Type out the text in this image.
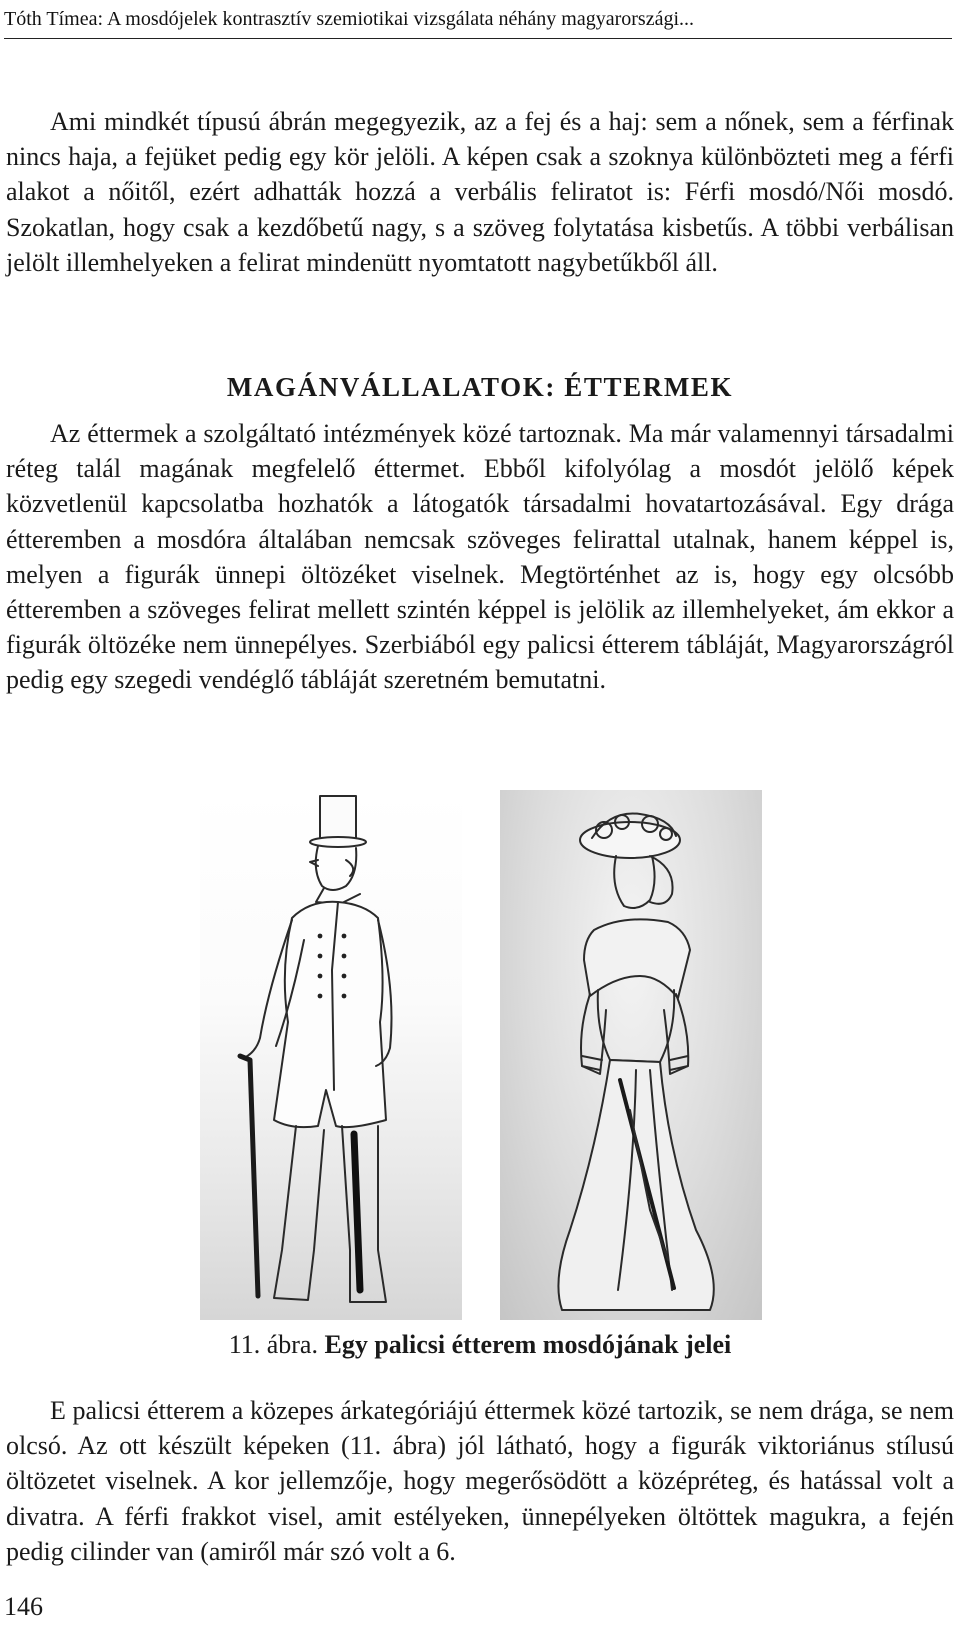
Tóth Tímea: A mosdójelek kontrasztív szemiotikai vizsgálata néhány magyarországi...

Ami mindkét típusú ábrán megegyezik, az a fej és a haj: sem a nőnek, sem a férfinak nincs haja, a fejüket pedig egy kör jelöli. A képen csak a szoknya különbözteti meg a férfi alakot a nőitől, ezért adhatták hozzá a verbális feliratot is: Férfi mosdó/Női mosdó. Szokatlan, hogy csak a kezdőbetű nagy, s a szöveg folytatása kisbetűs. A többi verbálisan jelölt illemhelyeken a felirat mindenütt nyomtatott nagybetűkből áll.

MAGÁNVÁLLALATOK: ÉTTERMEK

Az éttermek a szolgáltató intézmények közé tartoznak. Ma már valamennyi társadalmi réteg talál magának megfelelő éttermet. Ebből kifolyólag a mosdót jelölő képek közvetlenül kapcsolatba hozhatók a látogatók társadalmi hovatartozásával. Egy drága étteremben a mosdóra általában nemcsak szöveges felirattal utalnak, hanem képpel is, melyen a figurák ünnepi öltözéket viselnek. Megtörténhet az is, hogy egy olcsóbb étteremben a szöveges felirat mellett szintén képpel is jelölik az illemhelyeket, ám ekkor a figurák öltözéke nem ünnepélyes. Szerbiából egy palicsi étterem tábláját, Magyarországról pedig egy szegedi vendéglő tábláját szeretném bemutatni.

11. ábra. Egy palicsi étterem mosdójának jelei

E palicsi étterem a közepes árkategóriájú éttermek közé tartozik, se nem drága, se nem olcsó. Az ott készült képeken (11. ábra) jól látható, hogy a figurák viktoriánus stílusú öltözetet viselnek. A kor jellemzője, hogy megerősödött a középréteg, és hatással volt a divatra. A férfi frakkot visel, amit estélyeken, ünnepélyeken öltöttek magukra, a fején pedig cilinder van (amiről már szó volt a 6.

146
